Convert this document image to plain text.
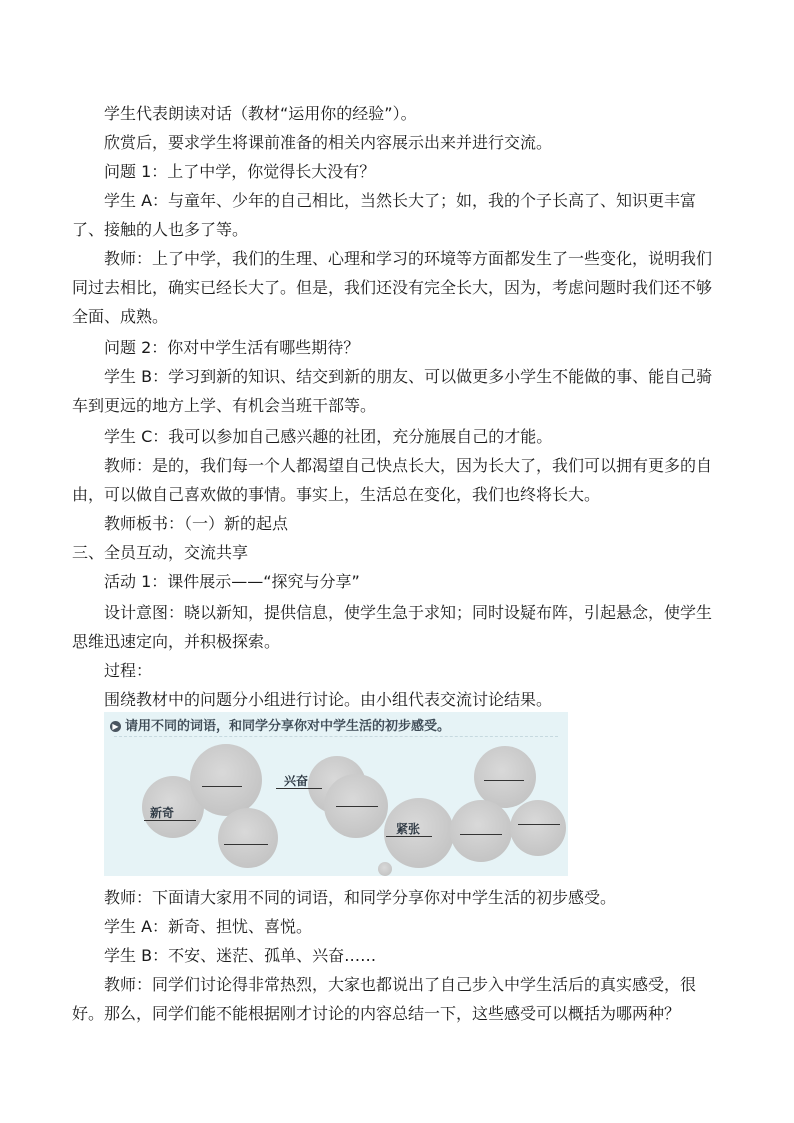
学生代表朗读对话（教材“运用你的经验”）。

欣赏后，要求学生将课前准备的相关内容展示出来并进行交流。

问题 1：上了中学，你觉得长大没有？

学生 A：与童年、少年的自己相比，当然长大了；如，我的个子长高了、知识更丰富

了、接触的人也多了等。

教师：上了中学，我们的生理、心理和学习的环境等方面都发生了一些变化，说明我们

同过去相比，确实已经长大了。但是，我们还没有完全长大，因为，考虑问题时我们还不够

全面、成熟。

问题 2：你对中学生活有哪些期待？

学生 B：学习到新的知识、结交到新的朋友、可以做更多小学生不能做的事、能自己骑

车到更远的地方上学、有机会当班干部等。

学生 C：我可以参加自己感兴趣的社团，充分施展自己的才能。

教师：是的，我们每一个人都渴望自己快点长大，因为长大了，我们可以拥有更多的自

由，可以做自己喜欢做的事情。事实上，生活总在变化，我们也终将长大。

教师板书：（一）新的起点

三、全员互动，交流共享

活动 1：课件展示——“探究与分享”

设计意图：晓以新知，提供信息，使学生急于求知；同时设疑布阵，引起悬念，使学生

思维迅速定向，并积极探索。

过程：

围绕教材中的问题分小组进行讨论。由小组代表交流讨论结果。

▶ 请用不同的词语，和同学分享你对中学生活的初步感受。
新奇
兴奋
紧张

教师：下面请大家用不同的词语，和同学分享你对中学生活的初步感受。

学生 A：新奇、担忧、喜悦。

学生 B：不安、迷茫、孤单、兴奋……

教师：同学们讨论得非常热烈，大家也都说出了自己步入中学生活后的真实感受，很

好。那么，同学们能不能根据刚才讨论的内容总结一下，这些感受可以概括为哪两种？
